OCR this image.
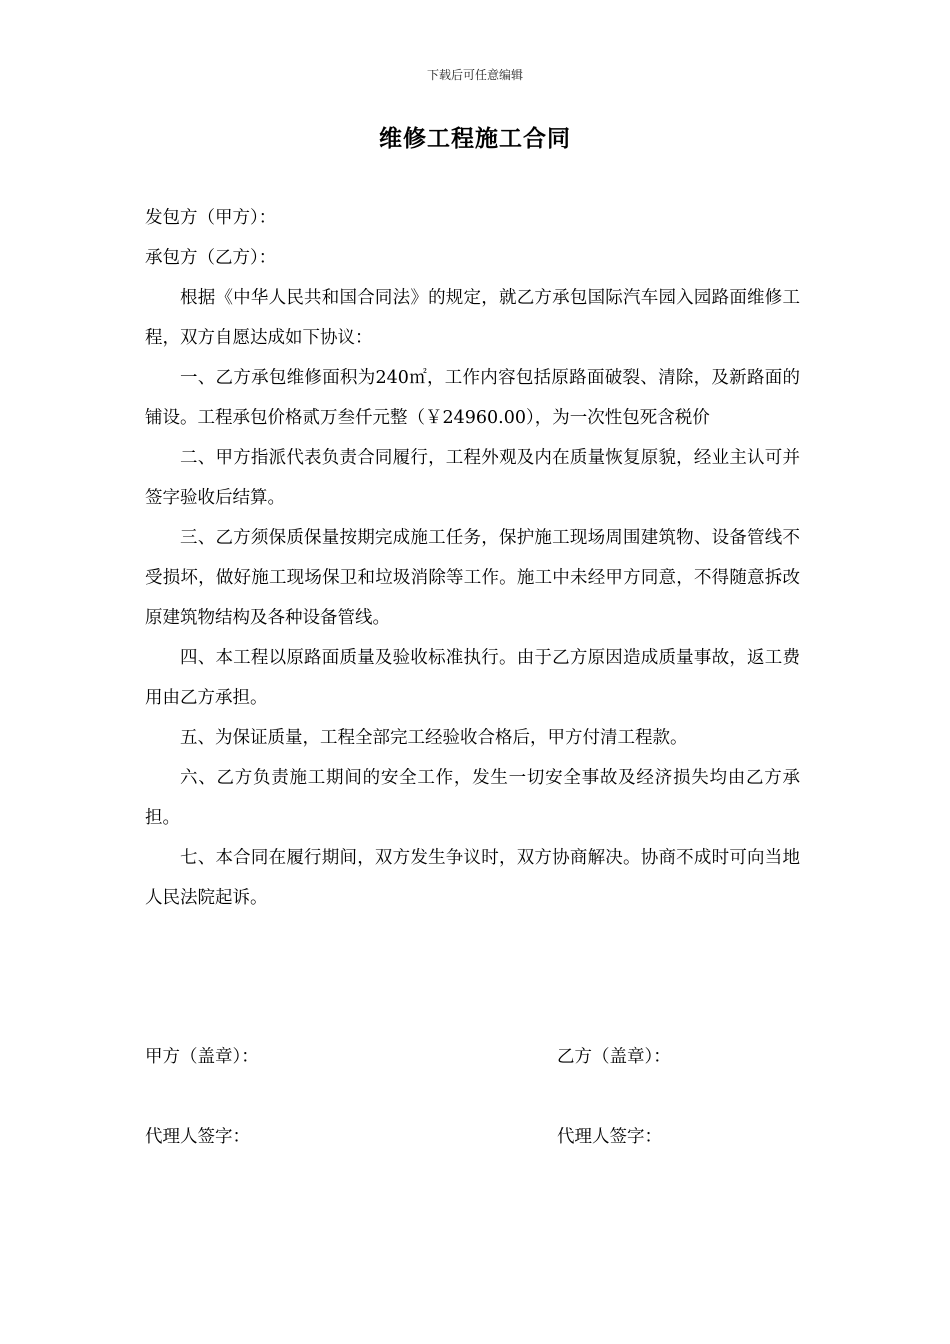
下载后可任意编辑
维修工程施工合同

发包方（甲方）：

承包方（乙方）：

根据《中华人民共和国合同法》的规定，就乙方承包国际汽车园入园路面维修工程，双方自愿达成如下协议：

一、乙方承包维修面积为240㎡，工作内容包括原路面破裂、清除，及新路面的铺设。工程承包价格贰万叁仟元整（￥24960.00），为一次性包死含税价

二、甲方指派代表负责合同履行，工程外观及内在质量恢复原貌，经业主认可并签字验收后结算。

三、乙方须保质保量按期完成施工任务，保护施工现场周围建筑物、设备管线不受损坏，做好施工现场保卫和垃圾消除等工作。施工中未经甲方同意，不得随意拆改原建筑物结构及各种设备管线。

四、本工程以原路面质量及验收标准执行。由于乙方原因造成质量事故，返工费用由乙方承担。

五、为保证质量，工程全部完工经验收合格后，甲方付清工程款。

六、乙方负责施工期间的安全工作，发生一切安全事故及经济损失均由乙方承担。

七、本合同在履行期间，双方发生争议时，双方协商解决。协商不成时可向当地人民法院起诉。

甲方（盖章）：	乙方（盖章）：
代理人签字：	代理人签字：
